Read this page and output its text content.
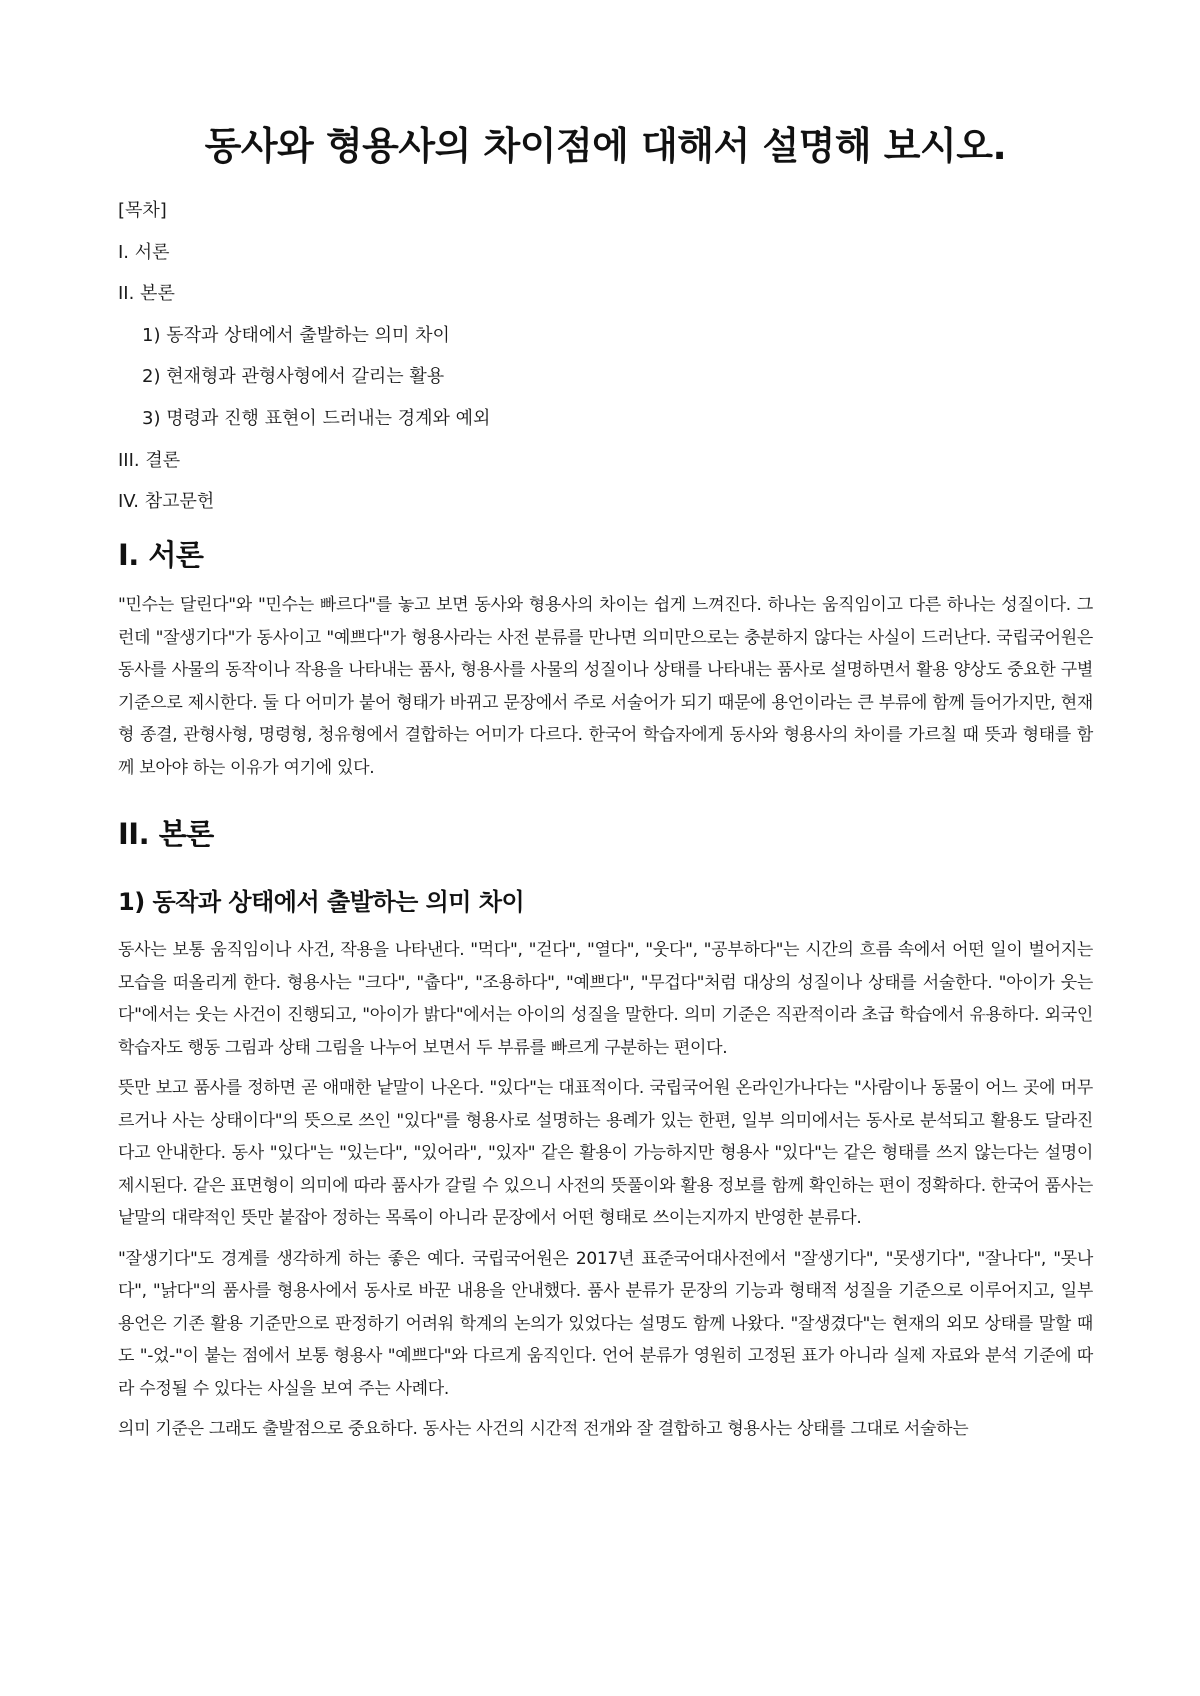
동사와 형용사의 차이점에 대해서 설명해 보시오.
[목차]
I. 서론
II. 본론
1) 동작과 상태에서 출발하는 의미 차이
2) 현재형과 관형사형에서 갈리는 활용
3) 명령과 진행 표현이 드러내는 경계와 예외
III. 결론
IV. 참고문헌
I. 서론

"민수는 달린다"와 "민수는 빠르다"를 놓고 보면 동사와 형용사의 차이는 쉽게 느껴진다. 하나는 움직임이고 다른 하나는 성질이다. 그런데 "잘생기다"가 동사이고 "예쁘다"가 형용사라는 사전 분류를 만나면 의미만으로는 충분하지 않다는 사실이 드러난다. 국립국어원은 동사를 사물의 동작이나 작용을 나타내는 품사, 형용사를 사물의 성질이나 상태를 나타내는 품사로 설명하면서 활용 양상도 중요한 구별 기준으로 제시한다. 둘 다 어미가 붙어 형태가 바뀌고 문장에서 주로 서술어가 되기 때문에 용언이라는 큰 부류에 함께 들어가지만, 현재형 종결, 관형사형, 명령형, 청유형에서 결합하는 어미가 다르다. 한국어 학습자에게 동사와 형용사의 차이를 가르칠 때 뜻과 형태를 함께 보아야 하는 이유가 여기에 있다.

II. 본론
1) 동작과 상태에서 출발하는 의미 차이

동사는 보통 움직임이나 사건, 작용을 나타낸다. "먹다", "걷다", "열다", "웃다", "공부하다"는 시간의 흐름 속에서 어떤 일이 벌어지는 모습을 떠올리게 한다. 형용사는 "크다", "춥다", "조용하다", "예쁘다", "무겁다"처럼 대상의 성질이나 상태를 서술한다. "아이가 웃는다"에서는 웃는 사건이 진행되고, "아이가 밝다"에서는 아이의 성질을 말한다. 의미 기준은 직관적이라 초급 학습에서 유용하다. 외국인 학습자도 행동 그림과 상태 그림을 나누어 보면서 두 부류를 빠르게 구분하는 편이다.

뜻만 보고 품사를 정하면 곧 애매한 낱말이 나온다. "있다"는 대표적이다. 국립국어원 온라인가나다는 "사람이나 동물이 어느 곳에 머무르거나 사는 상태이다"의 뜻으로 쓰인 "있다"를 형용사로 설명하는 용례가 있는 한편, 일부 의미에서는 동사로 분석되고 활용도 달라진다고 안내한다. 동사 "있다"는 "있는다", "있어라", "있자" 같은 활용이 가능하지만 형용사 "있다"는 같은 형태를 쓰지 않는다는 설명이 제시된다. 같은 표면형이 의미에 따라 품사가 갈릴 수 있으니 사전의 뜻풀이와 활용 정보를 함께 확인하는 편이 정확하다. 한국어 품사는 낱말의 대략적인 뜻만 붙잡아 정하는 목록이 아니라 문장에서 어떤 형태로 쓰이는지까지 반영한 분류다.

"잘생기다"도 경계를 생각하게 하는 좋은 예다. 국립국어원은 2017년 표준국어대사전에서 "잘생기다", "못생기다", "잘나다", "못나다", "낡다"의 품사를 형용사에서 동사로 바꾼 내용을 안내했다. 품사 분류가 문장의 기능과 형태적 성질을 기준으로 이루어지고, 일부 용언은 기존 활용 기준만으로 판정하기 어려워 학계의 논의가 있었다는 설명도 함께 나왔다. "잘생겼다"는 현재의 외모 상태를 말할 때도 "-었-"이 붙는 점에서 보통 형용사 "예쁘다"와 다르게 움직인다. 언어 분류가 영원히 고정된 표가 아니라 실제 자료와 분석 기준에 따라 수정될 수 있다는 사실을 보여 주는 사례다.

의미 기준은 그래도 출발점으로 중요하다. 동사는 사건의 시간적 전개와 잘 결합하고 형용사는 상태를 그대로 서술하는
